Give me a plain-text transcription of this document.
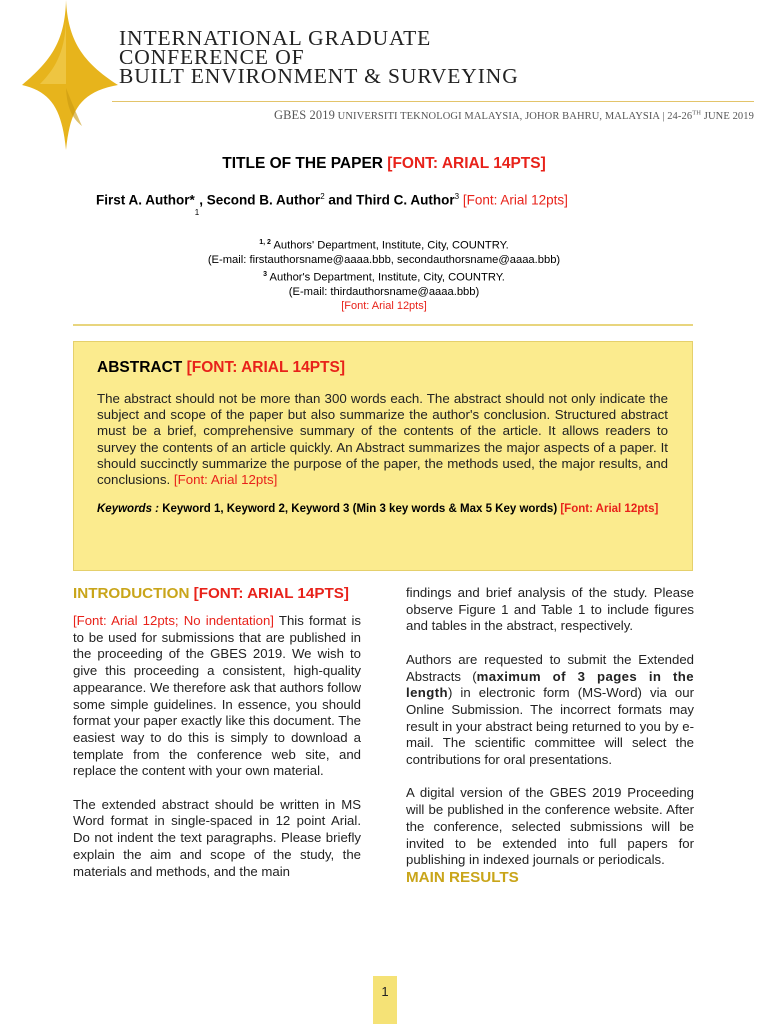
INTERNATIONAL GRADUATE
CONFERENCE OF
BUILT ENVIRONMENT & SURVEYING
GBES 2019 UNIVERSITI TEKNOLOGI MALAYSIA, JOHOR BAHRU, MALAYSIA | 24-26TH JUNE 2019
TITLE OF THE PAPER [FONT: ARIAL 14PTS]
First A. $Author*_1$, Second B. Author$^2$ and Third C. Author$^3$ [Font: Arial 12pts]
$^{1, 2}$ Authors' Department, Institute, City, COUNTRY.
(E-mail: firstauthorsname@aaaa.bbb, secondauthorsname@aaaa.bbb)
$^3$ Author's Department, Institute, City, COUNTRY.
(E-mail: thirdauthorsname@aaaa.bbb)
[Font: Arial 12pts]
ABSTRACT [FONT: ARIAL 14PTS]
The abstract should not be more than 300 words each. The abstract should not only indicate the subject and scope of the paper but also summarize the author's conclusion. Structured abstract must be a brief, comprehensive summary of the contents of the article. It allows readers to survey the contents of an article quickly. An Abstract summarizes the major aspects of a paper. It should succinctly summarize the purpose of the paper, the methods used, the major results, and conclusions. [Font: Arial 12pts]
Keywords : Keyword 1, Keyword 2, Keyword 3 (Min 3 key words & Max 5 Key words) [Font: Arial 12pts]
INTRODUCTION [FONT: ARIAL 14PTS]

[Font: Arial 12pts; No indentation] This format is to be used for submissions that are published in the proceeding of the GBES 2019. We wish to give this proceeding a consistent, high-quality appearance. We therefore ask that authors follow some simple guidelines. In essence, you should format your paper exactly like this document. The easiest way to do this is simply to download a template from the conference web site, and replace the content with your own material.

The extended abstract should be written in MS Word format in single-spaced in 12 point Arial. Do not indent the text paragraphs. Please briefly explain the aim and scope of the study, the materials and methods, and the main

findings and brief analysis of the study. Please observe Figure 1 and Table 1 to include figures and tables in the abstract, respectively.

Authors are requested to submit the Extended Abstracts (maximum of 3 pages in the length) in electronic form (MS-Word) via our Online Submission. The incorrect formats may result in your abstract being returned to you by e-mail. The scientific committee will select the contributions for oral presentations.

A digital version of the GBES 2019 Proceeding will be published in the conference website. After the conference, selected submissions will be invited to be extended into full papers for publishing in indexed journals or periodicals.

MAIN RESULTS
1
